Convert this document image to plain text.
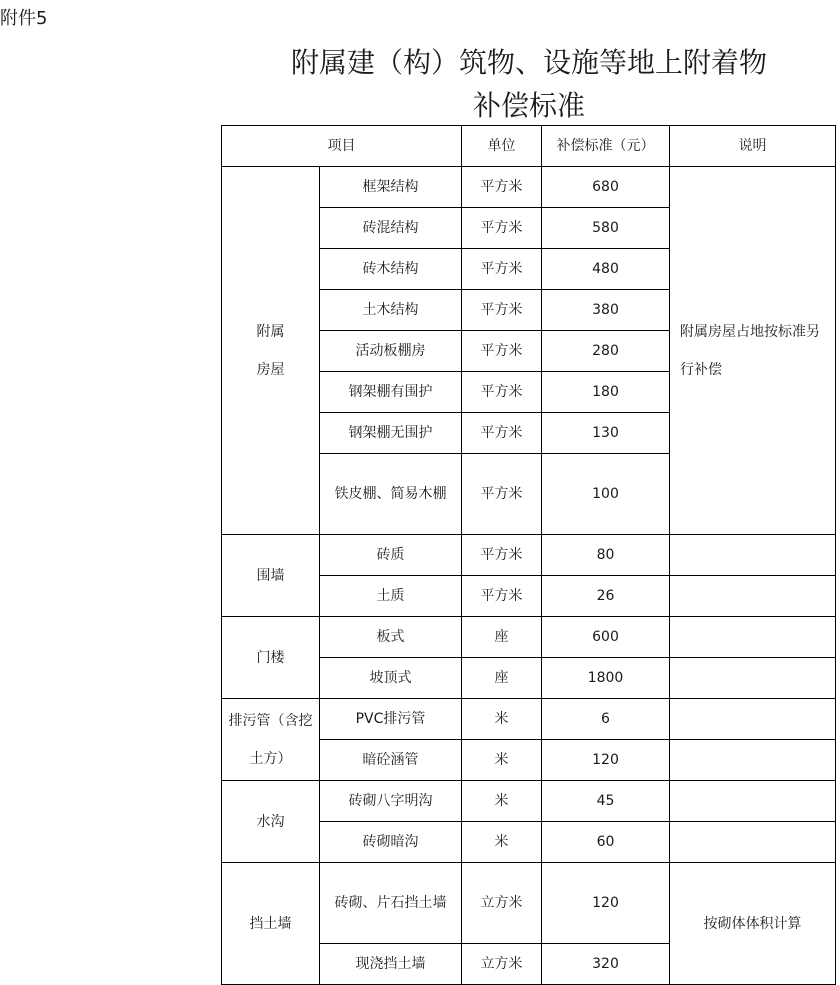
附件5
附属建（构）筑物、设施等地上附着物
补偿标准
项目		单位	补偿标准（元）	说明
附属房屋	框架结构	平方米	680	附属房屋占地按标准另行补偿
	砖混结构	平方米	580	
	砖木结构	平方米	480	
	土木结构	平方米	380	
	活动板棚房	平方米	280	
	钢架棚有围护	平方米	180	
	钢架棚无围护	平方米	130	
	铁皮棚、简易木棚	平方米	100	
围墙	砖质	平方米	80	
	土质	平方米	26	
门楼	板式	座	600	
	坡顶式	座	1800	
排污管（含挖土方）	PVC排污管	米	6	
	暗砼涵管	米	120	
水沟	砖砌八字明沟	米	45	
	砖砌暗沟	米	60	
挡土墙	砖砌、片石挡土墙	立方米	120	按砌体体积计算
	现浇挡土墙	立方米	320	
